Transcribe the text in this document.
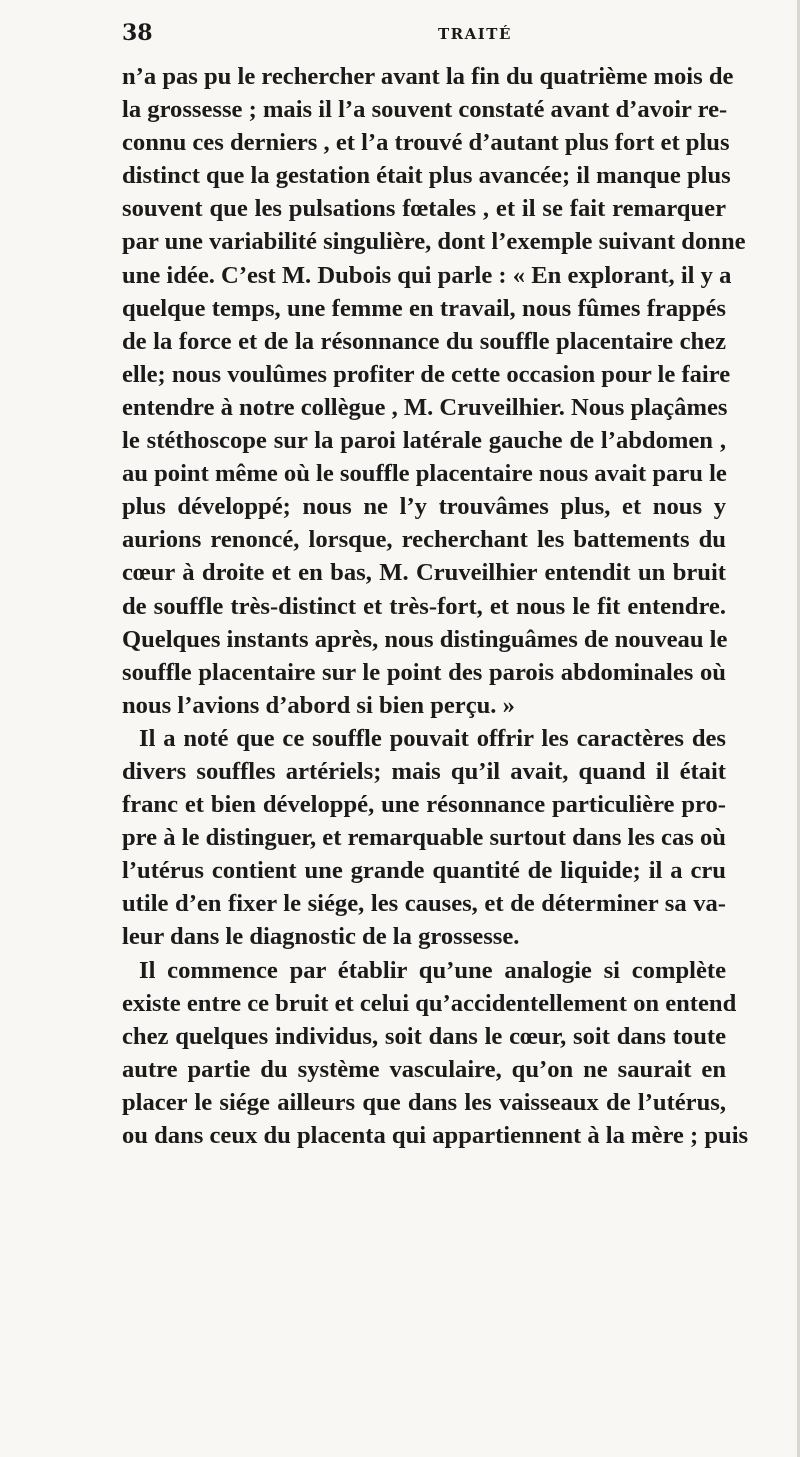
38	TRAITÉ
n’a pas pu le rechercher avant la fin du quatrième mois de
la grossesse ; mais il l’a souvent constaté avant d’avoir re-
connu ces derniers , et l’a trouvé d’autant plus fort et plus
distinct que la gestation était plus avancée; il manque plus
souvent que les pulsations fœtales , et il se fait remarquer
par une variabilité singulière, dont l’exemple suivant donne
une idée. C’est M. Dubois qui parle : « En explorant, il y a
quelque temps, une femme en travail, nous fûmes frappés
de la force et de la résonnance du souffle placentaire chez
elle; nous voulûmes profiter de cette occasion pour le faire
entendre à notre collègue , M. Cruveilhier. Nous plaçâmes
le stéthoscope sur la paroi latérale gauche de l’abdomen ,
au point même où le souffle placentaire nous avait paru le
plus développé; nous ne l’y trouvâmes plus, et nous y
aurions renoncé, lorsque, recherchant les battements du
cœur à droite et en bas, M. Cruveilhier entendit un bruit
de souffle très-distinct et très-fort, et nous le fit entendre.
Quelques instants après, nous distinguâmes de nouveau le
souffle placentaire sur le point des parois abdominales où
nous l’avions d’abord si bien perçu. »
Il a noté que ce souffle pouvait offrir les caractères des
divers souffles artériels; mais qu’il avait, quand il était
franc et bien développé, une résonnance particulière pro-
pre à le distinguer, et remarquable surtout dans les cas où
l’utérus contient une grande quantité de liquide; il a cru
utile d’en fixer le siége, les causes, et de déterminer sa va-
leur dans le diagnostic de la grossesse.
Il commence par établir qu’une analogie si complète
existe entre ce bruit et celui qu’accidentellement on entend
chez quelques individus, soit dans le cœur, soit dans toute
autre partie du système vasculaire, qu’on ne saurait en
placer le siége ailleurs que dans les vaisseaux de l’utérus,
ou dans ceux du placenta qui appartiennent à la mère ; puis
